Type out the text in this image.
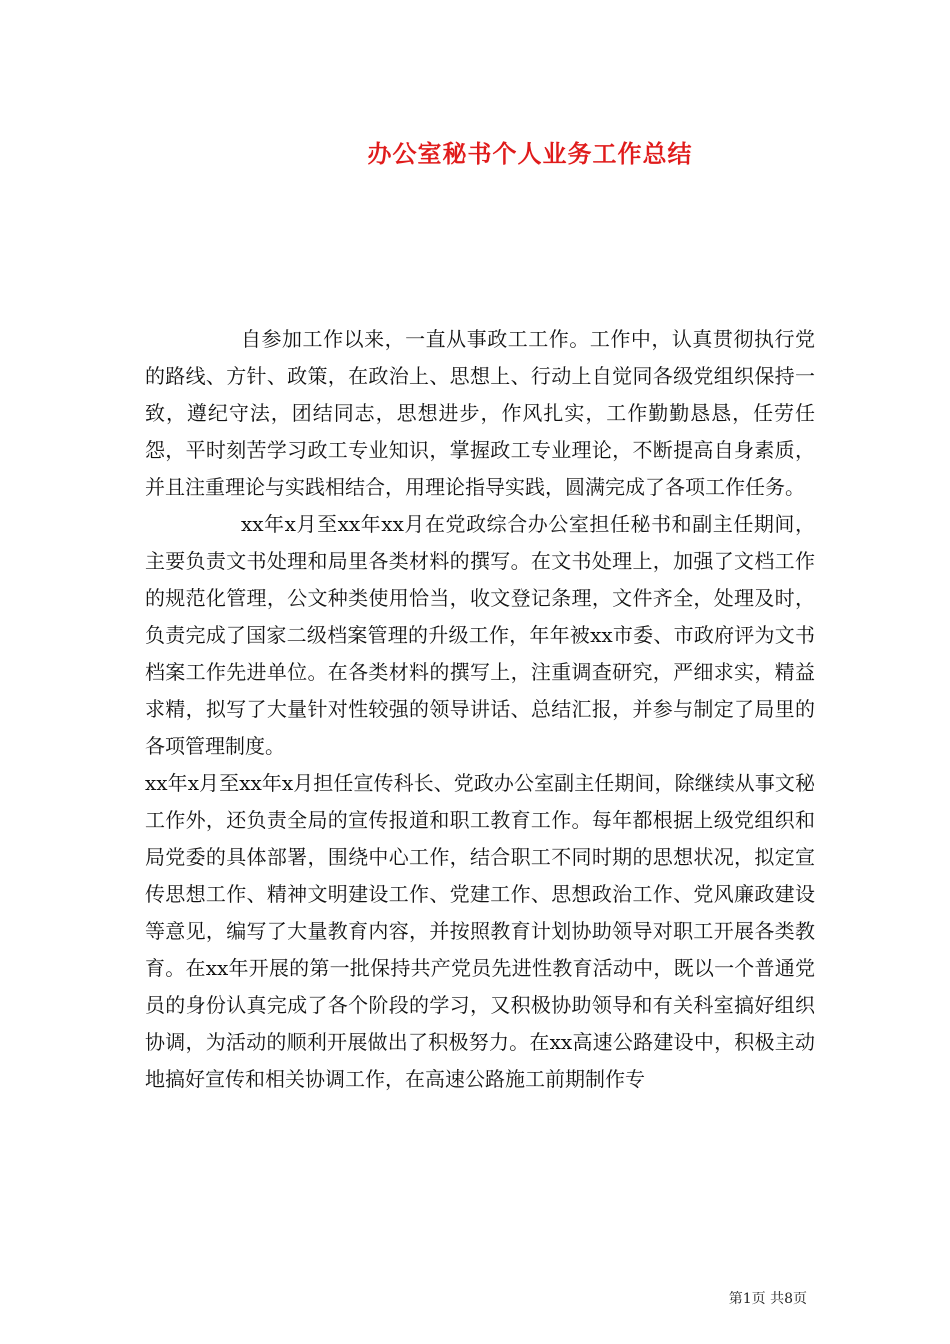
办公室秘书个人业务工作总结

自参加工作以来，一直从事政工工作。工作中，认真贯彻执行党的路线、方针、政策，在政治上、思想上、行动上自觉同各级党组织保持一致，遵纪守法，团结同志，思想进步，作风扎实，工作勤勤恳恳，任劳任怨，平时刻苦学习政工专业知识，掌握政工专业理论，不断提高自身素质，并且注重理论与实践相结合，用理论指导实践，圆满完成了各项工作任务。

xx年x月至xx年xx月在党政综合办公室担任秘书和副主任期间，主要负责文书处理和局里各类材料的撰写。在文书处理上，加强了文档工作的规范化管理，公文种类使用恰当，收文登记条理，文件齐全，处理及时，负责完成了国家二级档案管理的升级工作，年年被xx市委、市政府评为文书档案工作先进单位。在各类材料的撰写上，注重调查研究，严细求实，精益求精，拟写了大量针对性较强的领导讲话、总结汇报，并参与制定了局里的各项管理制度。

xx年x月至xx年x月担任宣传科长、党政办公室副主任期间，除继续从事文秘工作外，还负责全局的宣传报道和职工教育工作。每年都根据上级党组织和局党委的具体部署，围绕中心工作，结合职工不同时期的思想状况，拟定宣传思想工作、精神文明建设工作、党建工作、思想政治工作、党风廉政建设等意见，编写了大量教育内容，并按照教育计划协助领导对职工开展各类教育。在xx年开展的第一批保持共产党员先进性教育活动中，既以一个普通党员的身份认真完成了各个阶段的学习，又积极协助领导和有关科室搞好组织协调，为活动的顺利开展做出了积极努力。在xx高速公路建设中，积极主动地搞好宣传和相关协调工作，在高速公路施工前期制作专

第1页 共8页
